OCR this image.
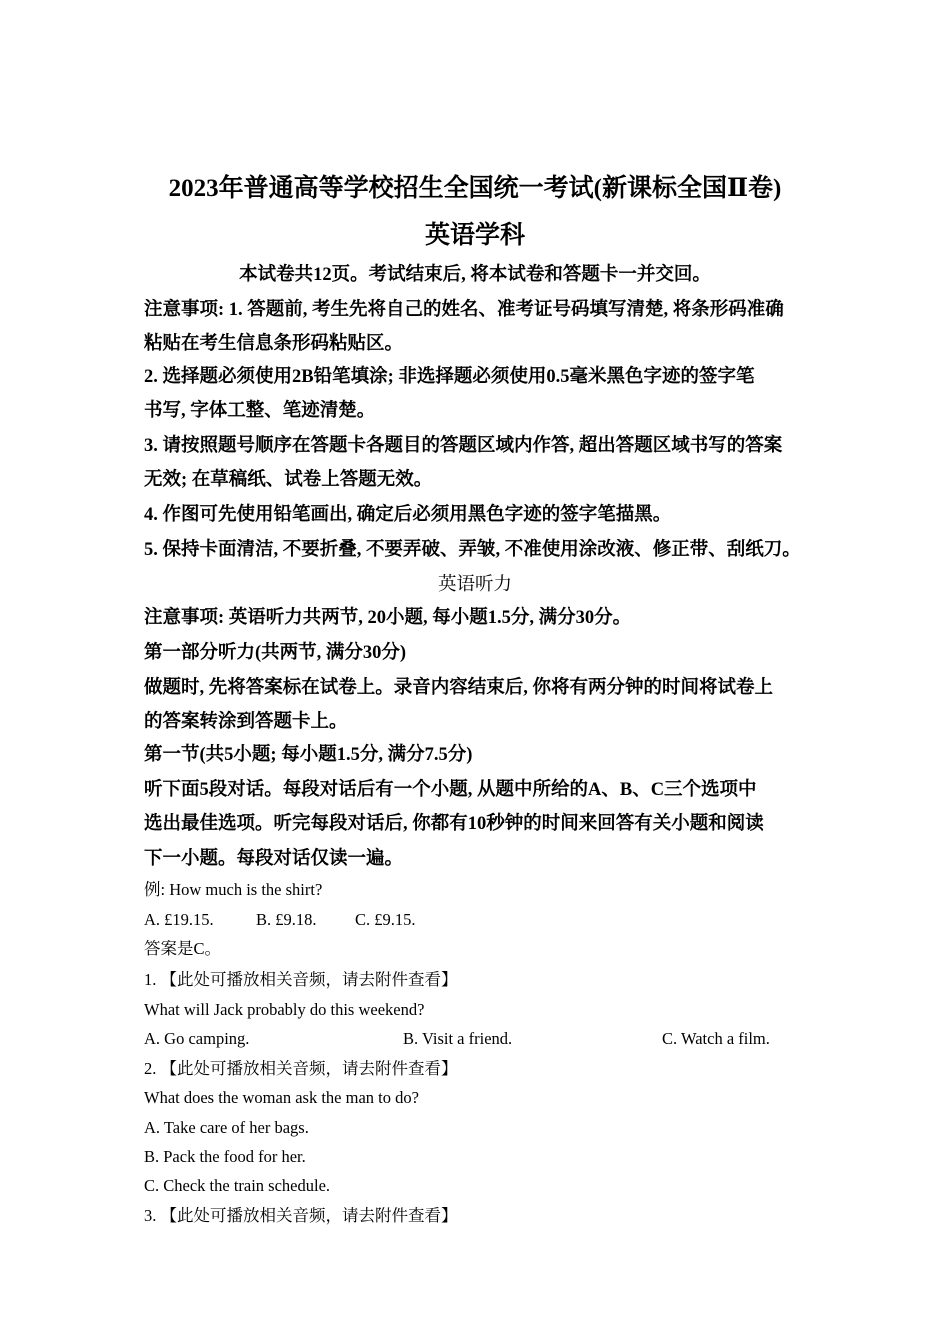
2023年普通高等学校招生全国统一考试(新课标全国Ⅱ卷)
英语学科
本试卷共12页。考试结束后, 将本试卷和答题卡一并交回。
注意事项: 1. 答题前, 考生先将自己的姓名、准考证号码填写清楚, 将条形码准确
粘贴在考生信息条形码粘贴区。
2. 选择题必须使用2B铅笔填涂; 非选择题必须使用0.5毫米黑色字迹的签字笔
书写, 字体工整、笔迹清楚。
3. 请按照题号顺序在答题卡各题目的答题区域内作答, 超出答题区域书写的答案
无效; 在草稿纸、试卷上答题无效。
4. 作图可先使用铅笔画出, 确定后必须用黑色字迹的签字笔描黑。
5. 保持卡面清洁, 不要折叠, 不要弄破、弄皱, 不准使用涂改液、修正带、刮纸刀。
英语听力
注意事项: 英语听力共两节, 20小题, 每小题1.5分, 满分30分。
第一部分听力(共两节, 满分30分)
做题时, 先将答案标在试卷上。录音内容结束后, 你将有两分钟的时间将试卷上
的答案转涂到答题卡上。
第一节(共5小题; 每小题1.5分, 满分7.5分)
听下面5段对话。每段对话后有一个小题, 从题中所给的A、B、C三个选项中
选出最佳选项。听完每段对话后, 你都有10秒钟的时间来回答有关小题和阅读
下一小题。每段对话仅读一遍。
例: How much is the shirt?
A. £19.15.	B. £9.18. C. £9.15.
答案是C。
1. 【此处可播放相关音频，请去附件查看】
What will Jack probably do this weekend?
A. Go camping.	B. Visit a friend.	C. Watch a film.
2. 【此处可播放相关音频，请去附件查看】
What does the woman ask the man to do?
A. Take care of her bags.
B. Pack the food for her.
C. Check the train schedule.
3. 【此处可播放相关音频，请去附件查看】
